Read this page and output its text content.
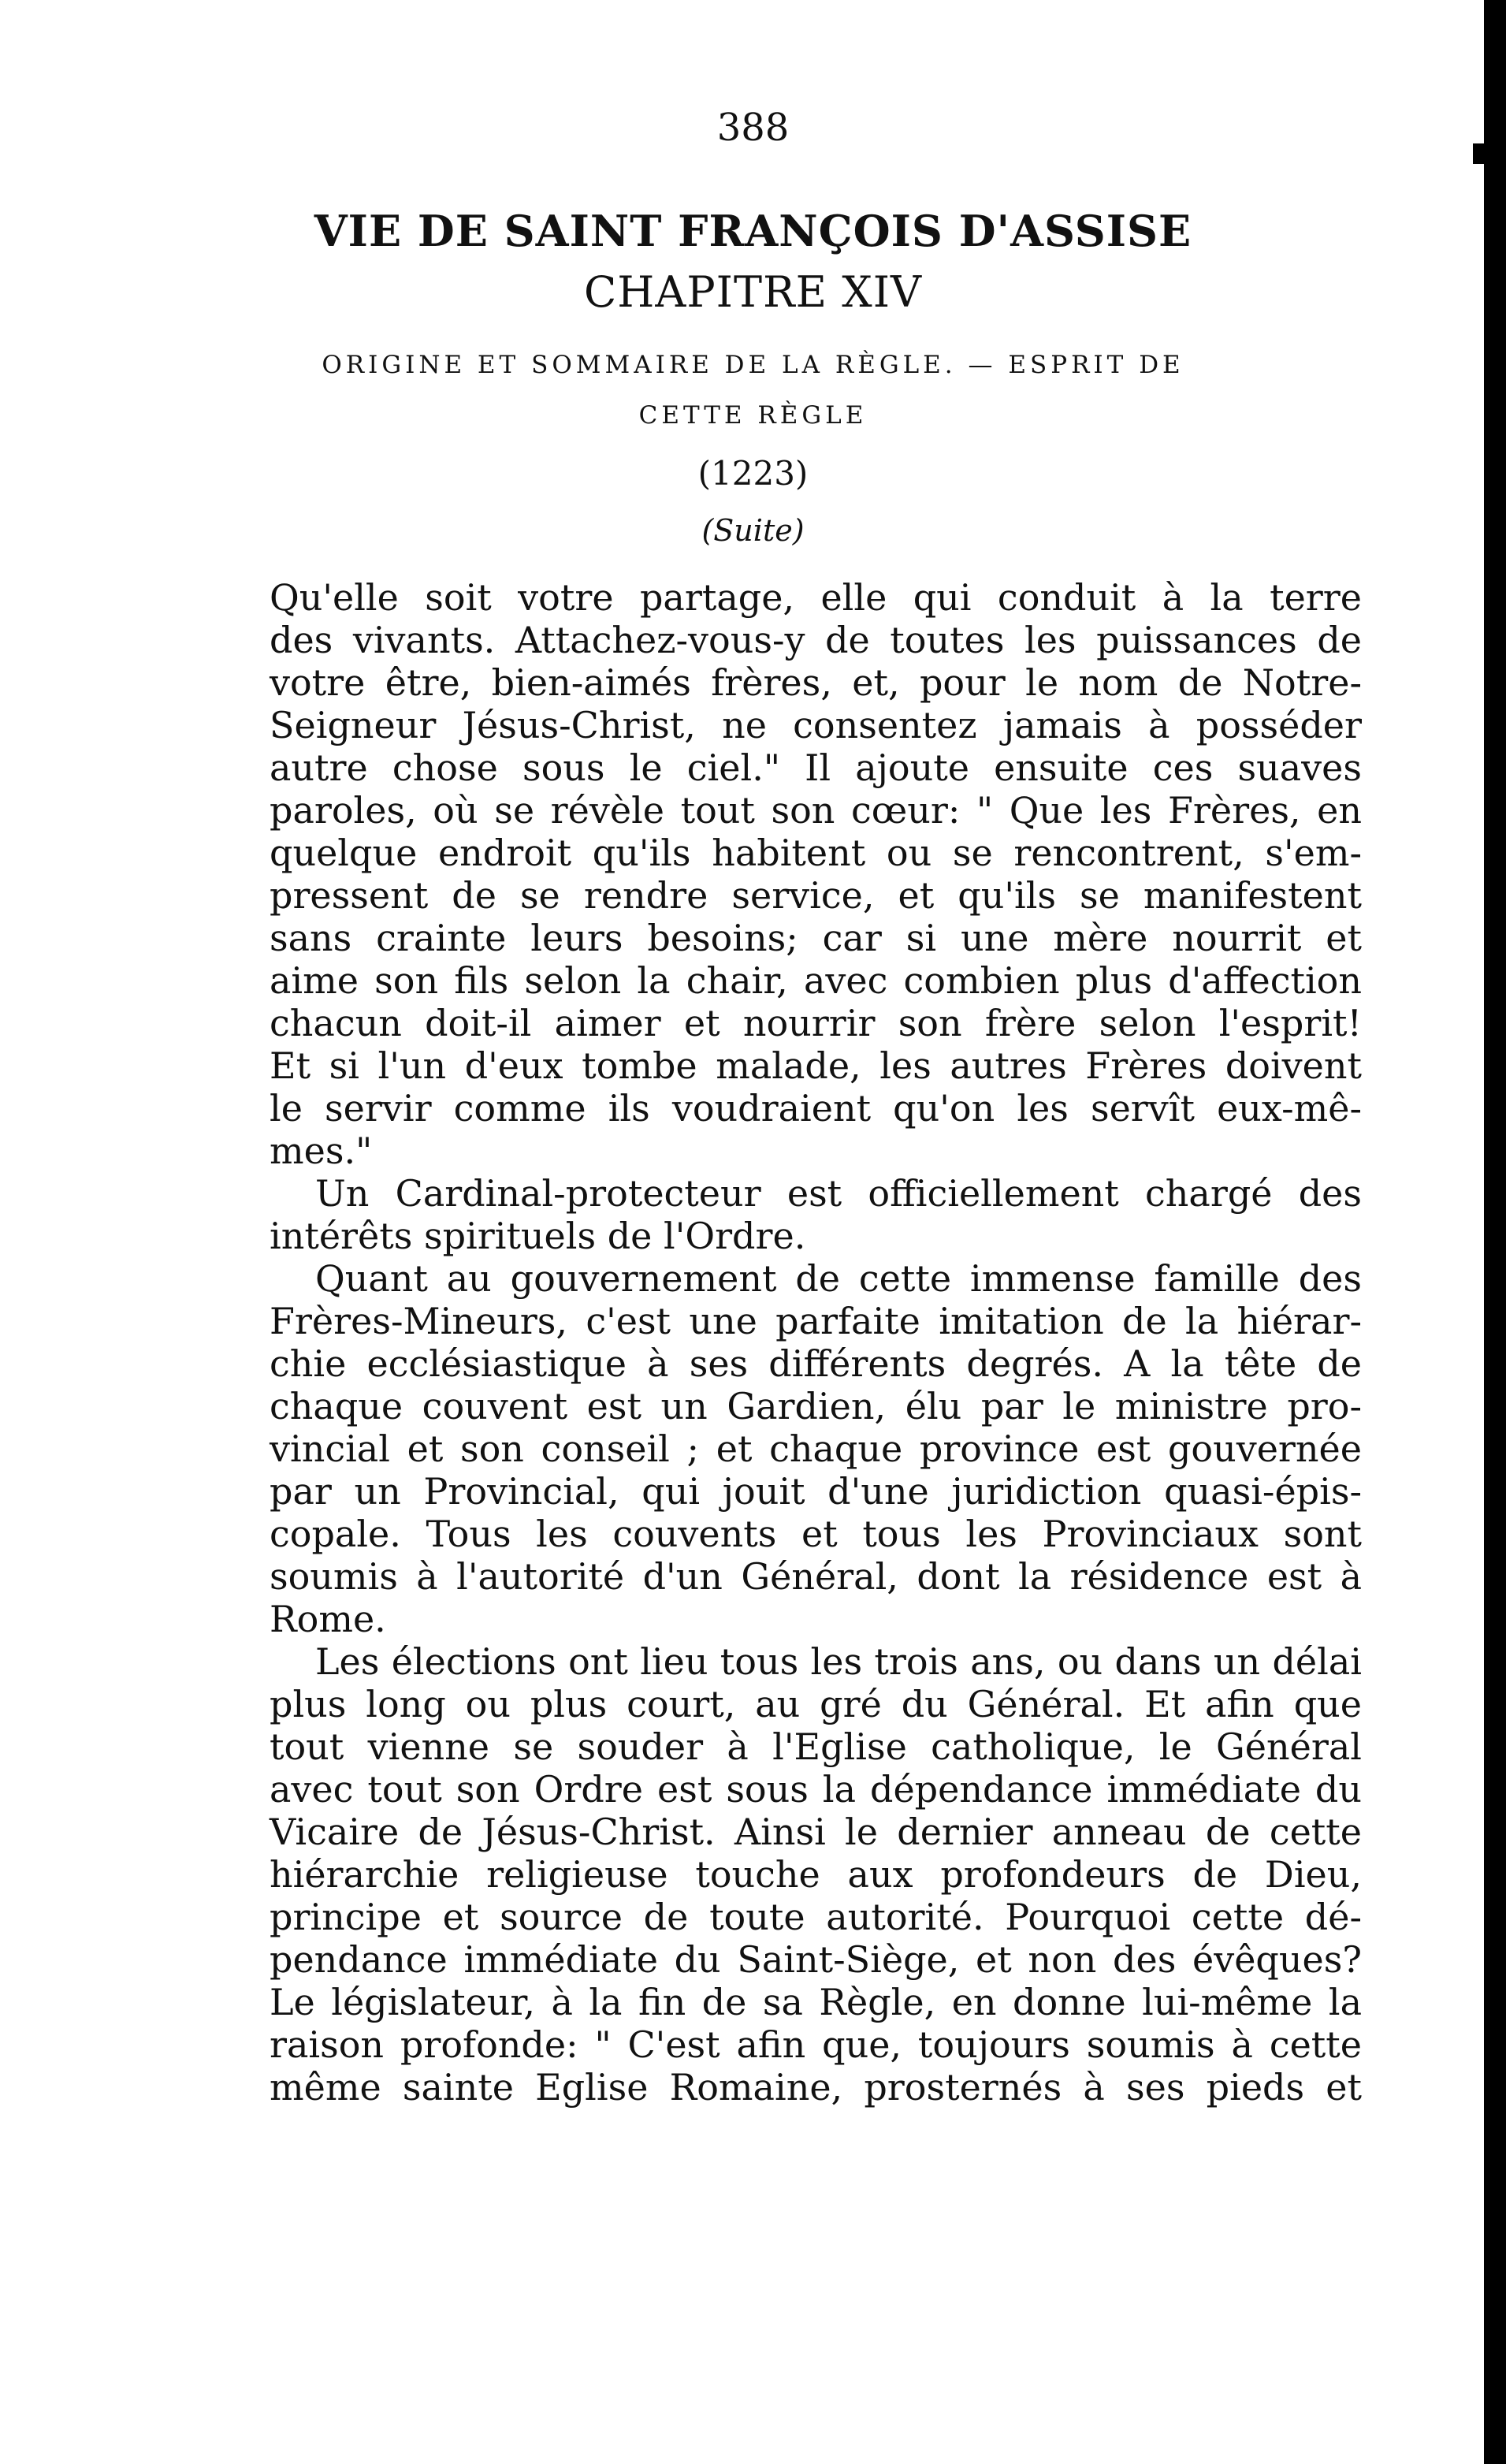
388
VIE DE SAINT FRANÇOIS D'ASSISE
CHAPITRE XIV
ORIGINE ET SOMMAIRE DE LA RÈGLE. — ESPRIT DE
CETTE RÈGLE
(1223)
(Suite)
Qu'elle soit votre partage, elle qui conduit à la terre
des vivants. Attachez-vous-y de toutes les puissances de
votre être, bien-aimés frères, et, pour le nom de Notre-
Seigneur Jésus-Christ, ne consentez jamais à posséder
autre chose sous le ciel." Il ajoute ensuite ces suaves
paroles, où se révèle tout son cœur: " Que les Frères, en
quelque endroit qu'ils habitent ou se rencontrent, s'em-
pressent de se rendre service, et qu'ils se manifestent
sans crainte leurs besoins; car si une mère nourrit et
aime son fils selon la chair, avec combien plus d'affection
chacun doit-il aimer et nourrir son frère selon l'esprit!
Et si l'un d'eux tombe malade, les autres Frères doivent
le servir comme ils voudraient qu'on les servît eux-mê-
mes."
Un Cardinal-protecteur est officiellement chargé des
intérêts spirituels de l'Ordre.
Quant au gouvernement de cette immense famille des
Frères-Mineurs, c'est une parfaite imitation de la hiérar-
chie ecclésiastique à ses différents degrés. A la tête de
chaque couvent est un Gardien, élu par le ministre pro-
vincial et son conseil ; et chaque province est gouvernée
par un Provincial, qui jouit d'une juridiction quasi-épis-
copale. Tous les couvents et tous les Provinciaux sont
soumis à l'autorité d'un Général, dont la résidence est à
Rome.
Les élections ont lieu tous les trois ans, ou dans un délai
plus long ou plus court, au gré du Général. Et afin que
tout vienne se souder à l'Eglise catholique, le Général
avec tout son Ordre est sous la dépendance immédiate du
Vicaire de Jésus-Christ. Ainsi le dernier anneau de cette
hiérarchie religieuse touche aux profondeurs de Dieu,
principe et source de toute autorité. Pourquoi cette dé-
pendance immédiate du Saint-Siège, et non des évêques?
Le législateur, à la fin de sa Règle, en donne lui-même la
raison profonde: " C'est afin que, toujours soumis à cette
même sainte Eglise Romaine, prosternés à ses pieds et
